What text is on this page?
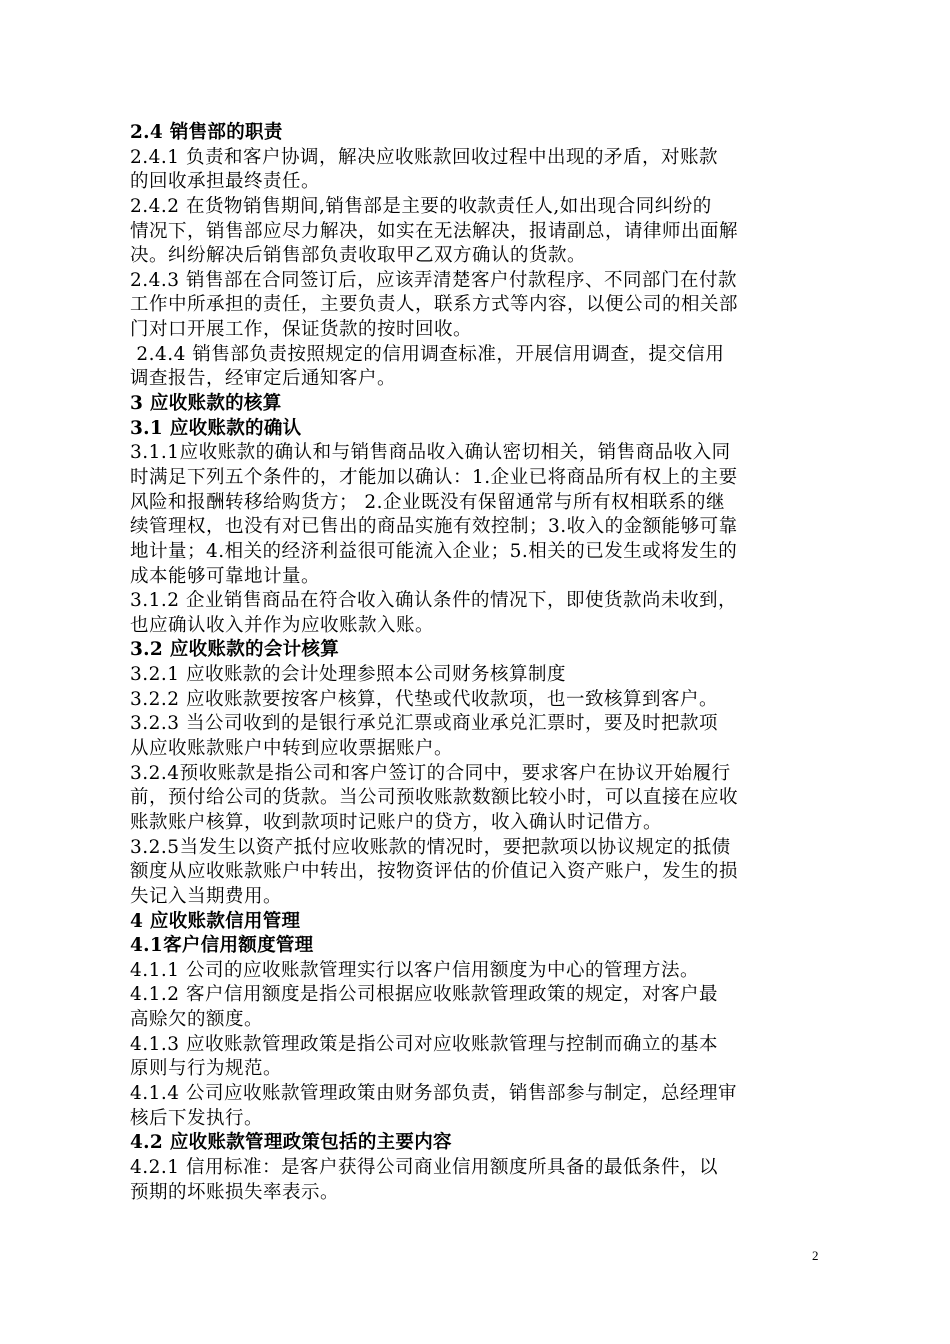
2.4 销售部的职责
2.4.1 负责和客户协调，解决应收账款回收过程中出现的矛盾，对账款
的回收承担最终责任。
2.4.2 在货物销售期间,销售部是主要的收款责任人,如出现合同纠纷的
情况下，销售部应尽力解决，如实在无法解决，报请副总，请律师出面解
决。纠纷解决后销售部负责收取甲乙双方确认的货款。
2.4.3 销售部在合同签订后，应该弄清楚客户付款程序、不同部门在付款
工作中所承担的责任，主要负责人，联系方式等内容，以便公司的相关部
门对口开展工作，保证货款的按时回收。
2.4.4 销售部负责按照规定的信用调查标准，开展信用调查，提交信用
调查报告，经审定后通知客户。
3 应收账款的核算
3.1 应收账款的确认
3.1.1应收账款的确认和与销售商品收入确认密切相关，销售商品收入同
时满足下列五个条件的，才能加以确认：1.企业已将商品所有权上的主要
风险和报酬转移给购货方； 2.企业既没有保留通常与所有权相联系的继
续管理权，也没有对已售出的商品实施有效控制；3.收入的金额能够可靠
地计量；4.相关的经济利益很可能流入企业；5.相关的已发生或将发生的
成本能够可靠地计量。
3.1.2 企业销售商品在符合收入确认条件的情况下，即使货款尚未收到，
也应确认收入并作为应收账款入账。
3.2 应收账款的会计核算
3.2.1 应收账款的会计处理参照本公司财务核算制度
3.2.2 应收账款要按客户核算，代垫或代收款项，也一致核算到客户。
3.2.3 当公司收到的是银行承兑汇票或商业承兑汇票时，要及时把款项
从应收账款账户中转到应收票据账户。
3.2.4预收账款是指公司和客户签订的合同中，要求客户在协议开始履行
前，预付给公司的货款。当公司预收账款数额比较小时，可以直接在应收
账款账户核算，收到款项时记账户的贷方，收入确认时记借方。
3.2.5当发生以资产抵付应收账款的情况时，要把款项以协议规定的抵债
额度从应收账款账户中转出，按物资评估的价值记入资产账户，发生的损
失记入当期费用。
4 应收账款信用管理
4.1客户信用额度管理
4.1.1 公司的应收账款管理实行以客户信用额度为中心的管理方法。
4.1.2 客户信用额度是指公司根据应收账款管理政策的规定，对客户最
高赊欠的额度。
4.1.3 应收账款管理政策是指公司对应收账款管理与控制而确立的基本
原则与行为规范。
4.1.4 公司应收账款管理政策由财务部负责，销售部参与制定，总经理审
核后下发执行。
4.2 应收账款管理政策包括的主要内容
4.2.1 信用标准：是客户获得公司商业信用额度所具备的最低条件，以
预期的坏账损失率表示。
2
